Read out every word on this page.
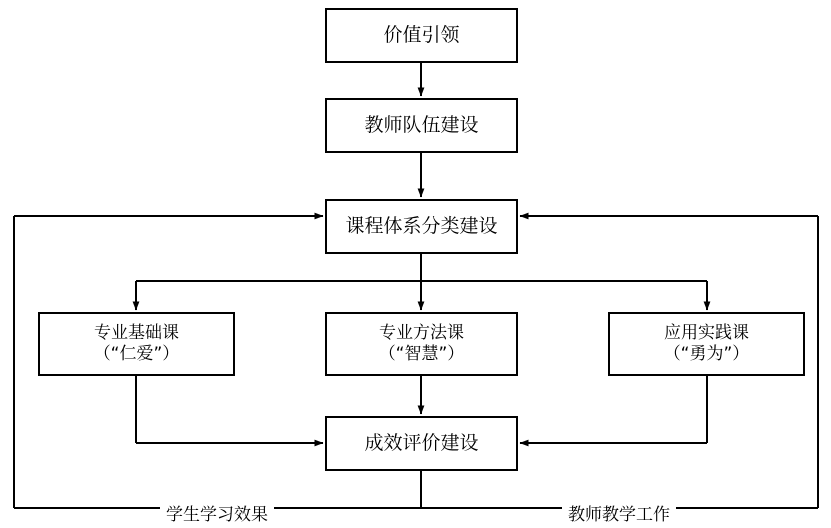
价值引领
教师队伍建设
课程体系分类建设
专业基础课
（“仁爱”）
专业方法课
（“智慧”）
应用实践课
（“勇为”）
成效评价建设
学生学习效果	教师教学工作
